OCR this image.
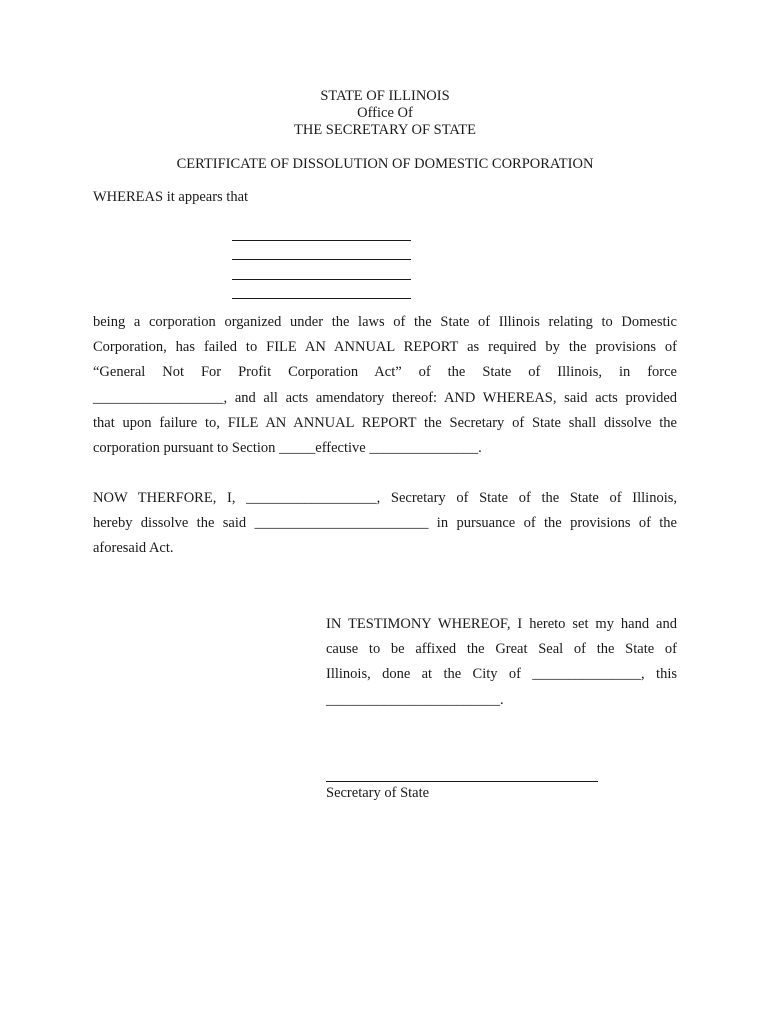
STATE OF ILLINOIS
Office Of
THE SECRETARY OF STATE
CERTIFICATE OF DISSOLUTION OF DOMESTIC CORPORATION
WHEREAS it appears that
being a corporation organized under the laws of the State of Illinois relating to Domestic
Corporation, has failed to FILE AN ANNUAL REPORT as required by the provisions of
“General Not For Profit Corporation Act” of the State of Illinois, in force
__________________, and all acts amendatory thereof: AND WHEREAS, said acts provided
that upon failure to, FILE AN ANNUAL REPORT the Secretary of State shall dissolve the
corporation pursuant to Section _____effective _______________.
NOW THERFORE, I, __________________, Secretary of State of the State of Illinois,
hereby dissolve the said ________________________ in pursuance of the provisions of the
aforesaid Act.
IN TESTIMONY WHEREOF, I hereto set my hand and
cause to be affixed the Great Seal of the State of
Illinois, done at the City of _______________, this
________________________.
Secretary of State
